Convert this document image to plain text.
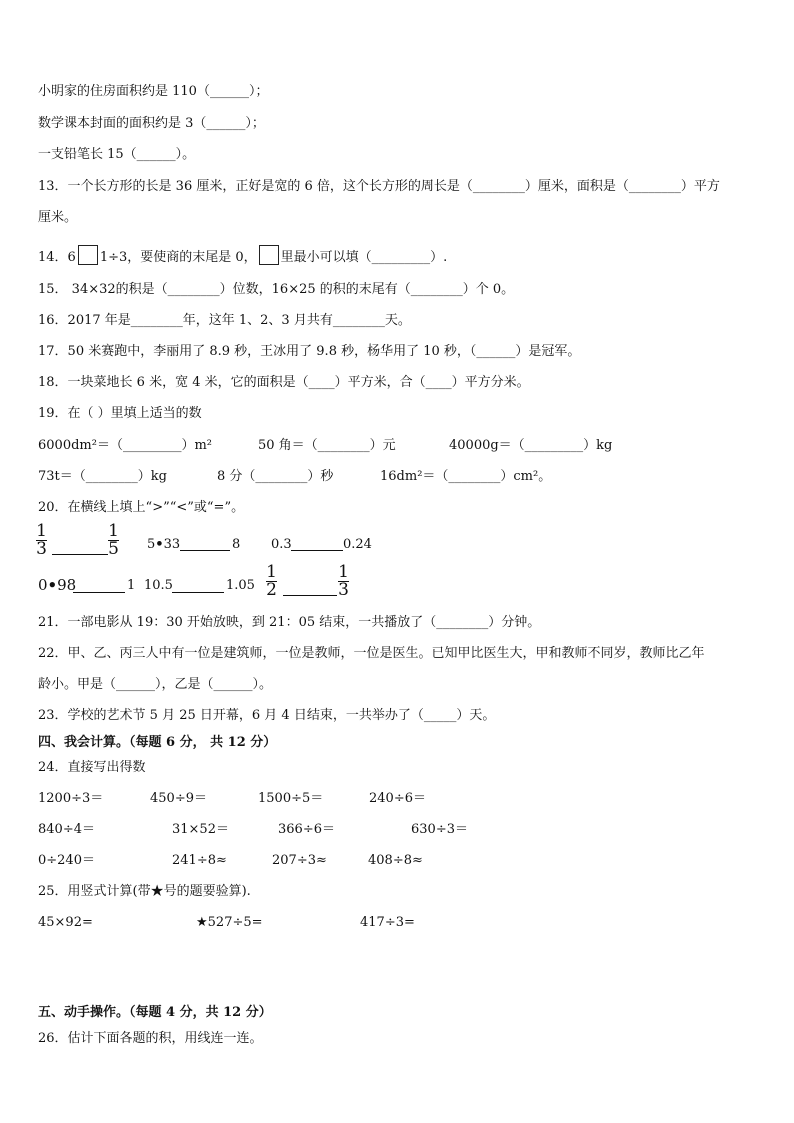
小明家的住房面积约是 110（______）；
数学课本封面的面积约是 3（______）；
一支铅笔长 15（______）。
13．一个长方形的长是 36 厘米，正好是宽的 6 倍，这个长方形的周长是（________）厘米，面积是（________）平方
厘米。
14．6 1÷3，要使商的末尾是 0， 里最小可以填（_________）.
15． 34×32的积是（________）位数，16×25 的积的末尾有（________）个 0。
16．2017 年是________年，这年 1、2、3 月共有________天。
17．50 米赛跑中，李丽用了 8.9 秒，王冰用了 9.8 秒，杨华用了 10 秒，（______）是冠军。
18．一块菜地长 6 米，宽 4 米，它的面积是（____）平方米，合（____）平方分米。
19．在（ ）里填上适当的数
6000dm²＝（_________）m²	50 角＝（________）元	40000g＝（_________）kg
73t＝（________）kg	8 分（________）秒	16dm²＝（________）cm²。
20．在横线上填上“>”“<”或“=”。
1
3
1
5 5•33	8 0.3	0.24
0•98	1 10.5	1.05
1
2
1
3
21．一部电影从 19：30 开始放映，到 21：05 结束，一共播放了（________）分钟。
22．甲、乙、丙三人中有一位是建筑师，一位是教师，一位是医生。已知甲比医生大，甲和教师不同岁，教师比乙年
龄小。甲是（______），乙是（______）。
23．学校的艺术节 5 月 25 日开幕，6 月 4 日结束，一共举办了（_____）天。
四、我会计算。（每题 6 分， 共 12 分）
24．直接写出得数
1200÷3＝	450÷9＝	1500÷5＝	240÷6＝
840÷4＝	31×52＝	366÷6＝	630÷3＝
0÷240＝	241÷8≈	207÷3≈	408÷8≈
25．用竖式计算(带★号的题要验算).
45×92=	★527÷5=	417÷3=
五、动手操作。（每题 4 分，共 12 分）
26．估计下面各题的积，用线连一连。
